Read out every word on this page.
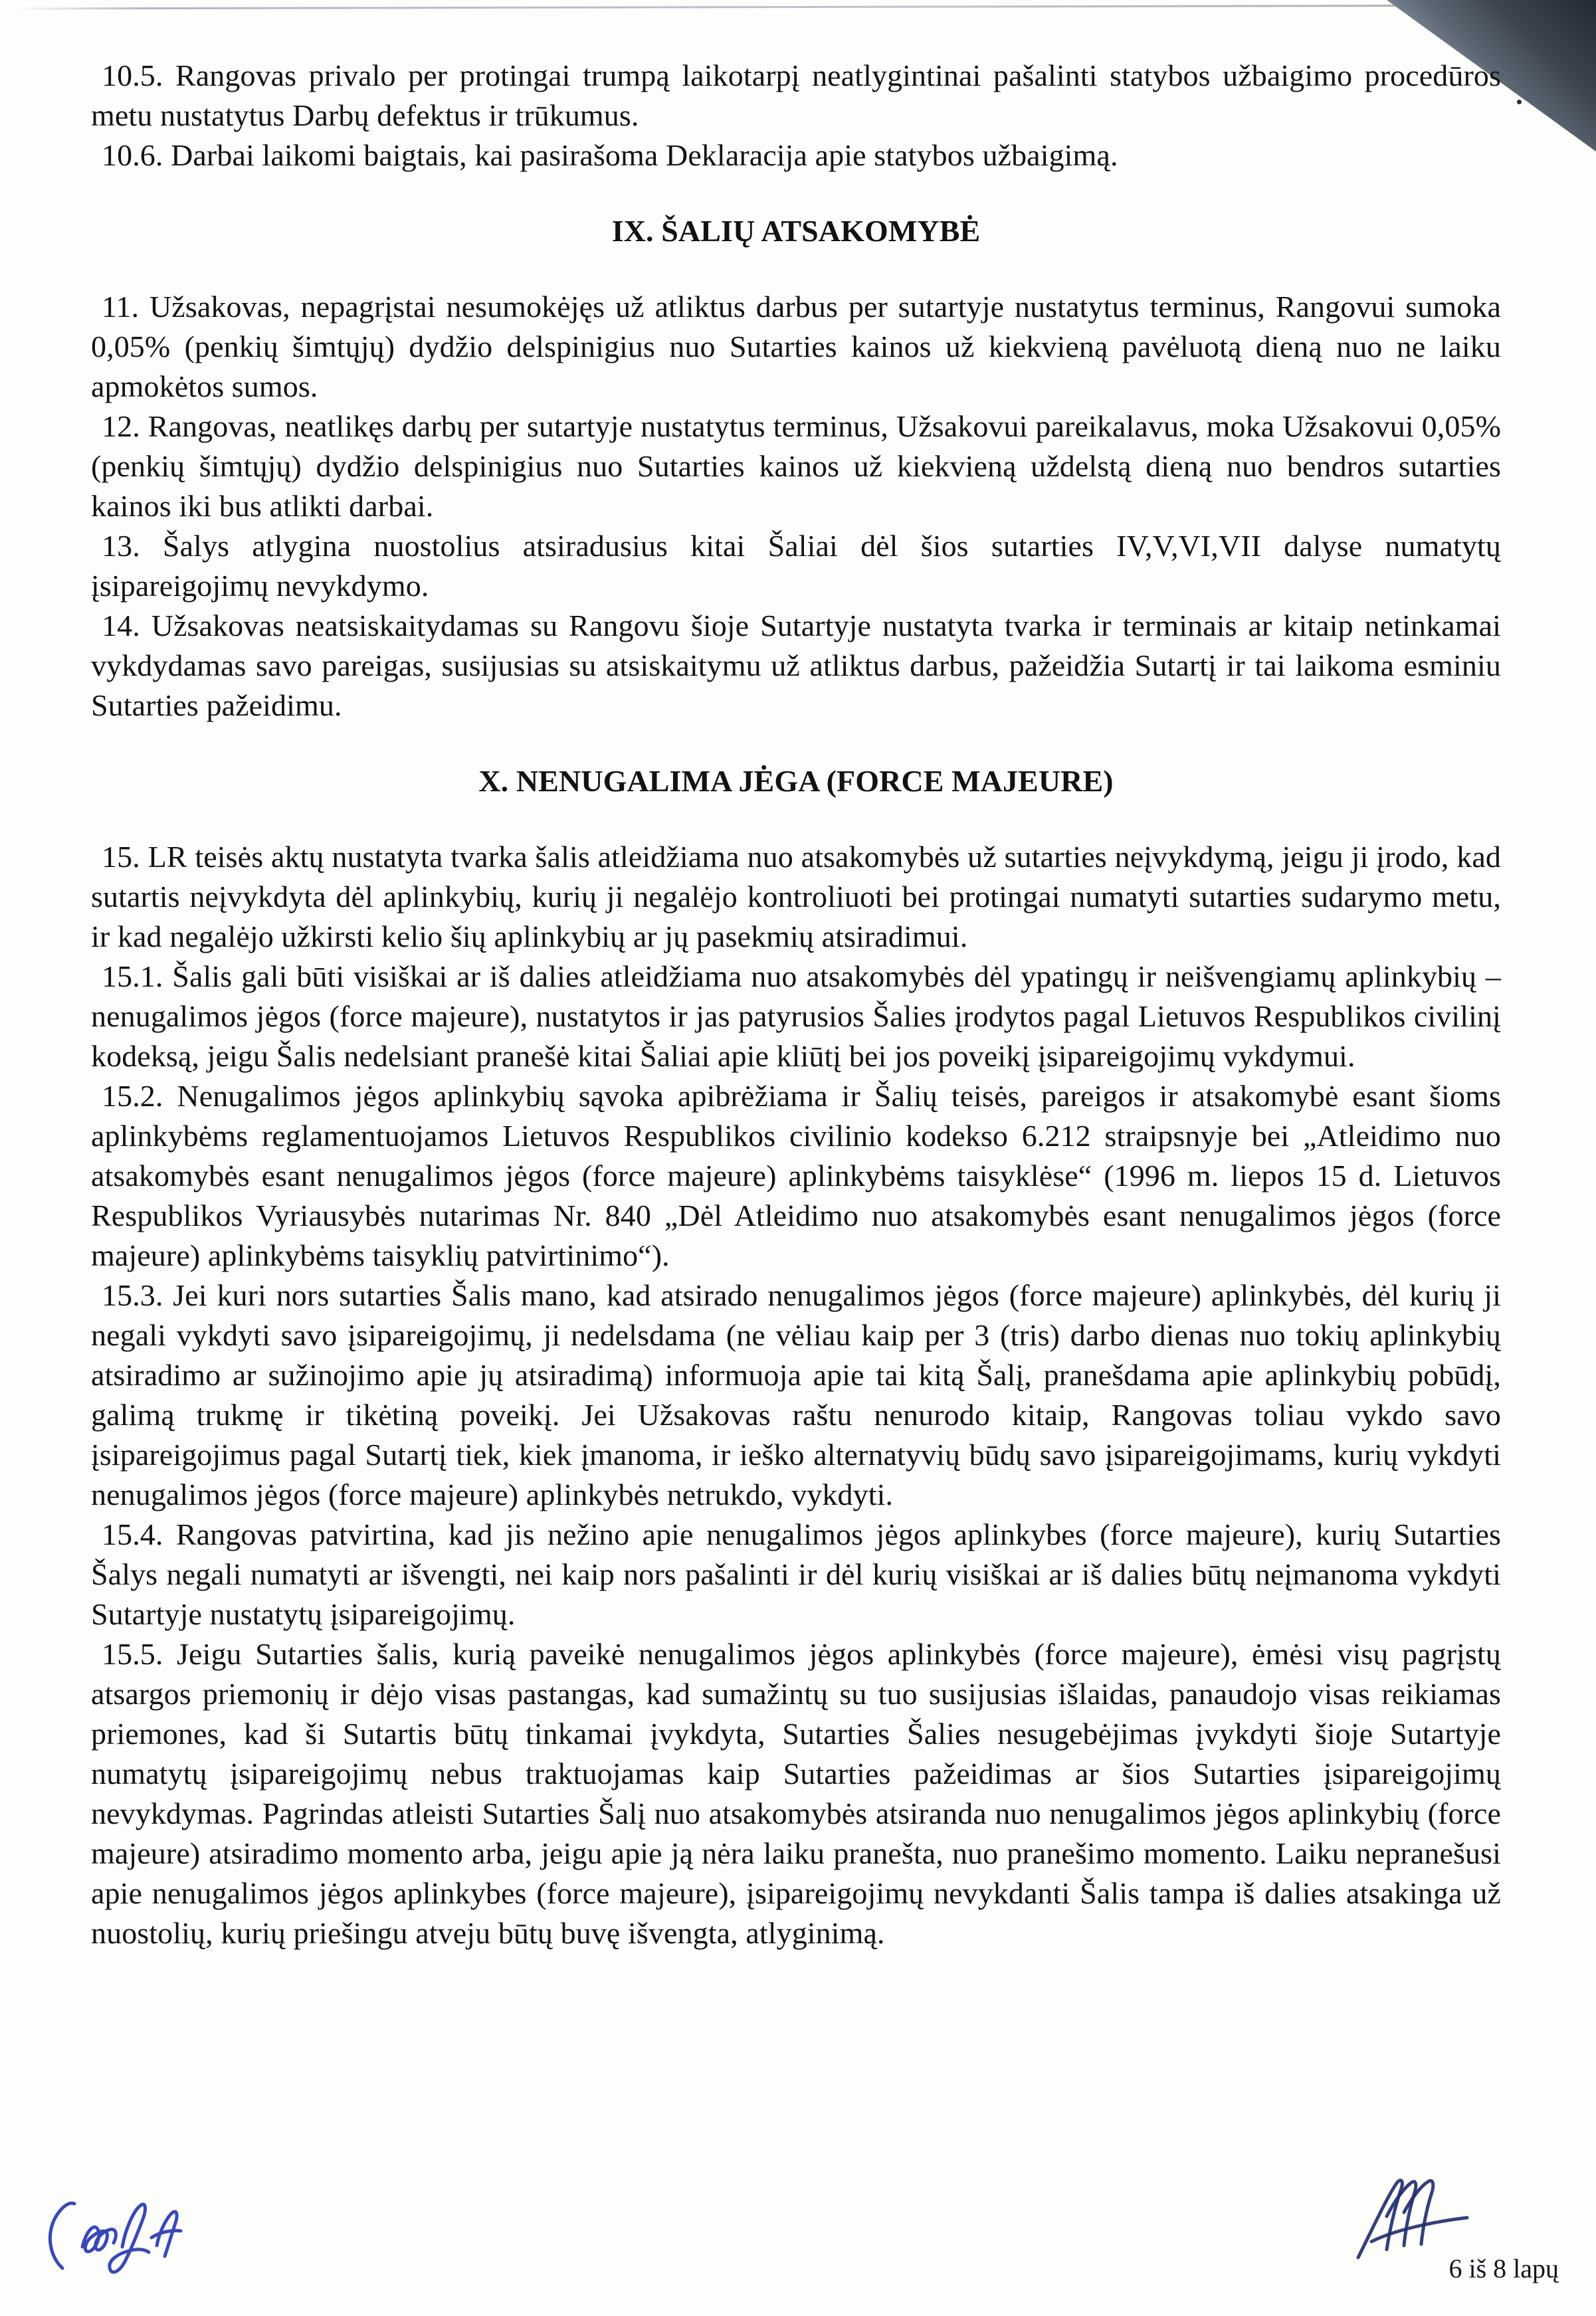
10.5. Rangovas privalo per protingai trumpą laikotarpį neatlygintinai pašalinti statybos užbaigimo procedūros metu nustatytus Darbų defektus ir trūkumus.

10.6. Darbai laikomi baigtais, kai pasirašoma Deklaracija apie statybos užbaigimą.

IX. ŠALIŲ ATSAKOMYBĖ

11. Užsakovas, nepagrįstai nesumokėjęs už atliktus darbus per sutartyje nustatytus terminus, Rangovui sumoka 0,05% (penkių šimtųjų) dydžio delspinigius nuo Sutarties kainos už kiekvieną pavėluotą dieną nuo ne laiku apmokėtos sumos.

12. Rangovas, neatlikęs darbų per sutartyje nustatytus terminus, Užsakovui pareikalavus, moka Užsakovui 0,05%(penkių šimtųjų) dydžio delspinigius nuo Sutarties kainos už kiekvieną uždelstą dieną nuo bendros sutarties kainos iki bus atlikti darbai.

13. Šalys atlygina nuostolius atsiradusius kitai Šaliai dėl šios sutarties IV,V,VI,VII dalyse numatytų įsipareigojimų nevykdymo.

14. Užsakovas neatsiskaitydamas su Rangovu šioje Sutartyje nustatyta tvarka ir terminais ar kitaip netinkamai vykdydamas savo pareigas, susijusias su atsiskaitymu už atliktus darbus, pažeidžia Sutartį ir tai laikoma esminiu Sutarties pažeidimu.

X. NENUGALIMA JĖGA (FORCE MAJEURE)

15. LR teisės aktų nustatyta tvarka šalis atleidžiama nuo atsakomybės už sutarties neįvykdymą, jeigu ji įrodo, kad sutartis neįvykdyta dėl aplinkybių, kurių ji negalėjo kontroliuoti bei protingai numatyti sutarties sudarymo metu, ir kad negalėjo užkirsti kelio šių aplinkybių ar jų pasekmių atsiradimui.

15.1. Šalis gali būti visiškai ar iš dalies atleidžiama nuo atsakomybės dėl ypatingų ir neišvengiamų aplinkybių – nenugalimos jėgos (force majeure), nustatytos ir jas patyrusios Šalies įrodytos pagal Lietuvos Respublikos civilinį kodeksą, jeigu Šalis nedelsiant pranešė kitai Šaliai apie kliūtį bei jos poveikį įsipareigojimų vykdymui.

15.2. Nenugalimos jėgos aplinkybių sąvoka apibrėžiama ir Šalių teisės, pareigos ir atsakomybė esant šioms aplinkybėms reglamentuojamos Lietuvos Respublikos civilinio kodekso 6.212 straipsnyje bei „Atleidimo nuo atsakomybės esant nenugalimos jėgos (force majeure) aplinkybėms taisyklėse“ (1996 m. liepos 15 d. Lietuvos Respublikos Vyriausybės nutarimas Nr. 840 „Dėl Atleidimo nuo atsakomybės esant nenugalimos jėgos (force majeure) aplinkybėms taisyklių patvirtinimo“).

15.3. Jei kuri nors sutarties Šalis mano, kad atsirado nenugalimos jėgos (force majeure) aplinkybės, dėl kurių ji negali vykdyti savo įsipareigojimų, ji nedelsdama (ne vėliau kaip per 3 (tris) darbo dienas nuo tokių aplinkybių atsiradimo ar sužinojimo apie jų atsiradimą) informuoja apie tai kitą Šalį, pranešdama apie aplinkybių pobūdį, galimą trukmę ir tikėtiną poveikį. Jei Užsakovas raštu nenurodo kitaip, Rangovas toliau vykdo savo įsipareigojimus pagal Sutartį tiek, kiek įmanoma, ir ieško alternatyvių būdų savo įsipareigojimams, kurių vykdyti nenugalimos jėgos (force majeure) aplinkybės netrukdo, vykdyti.

15.4. Rangovas patvirtina, kad jis nežino apie nenugalimos jėgos aplinkybes (force majeure), kurių Sutarties Šalys negali numatyti ar išvengti, nei kaip nors pašalinti ir dėl kurių visiškai ar iš dalies būtų neįmanoma vykdyti Sutartyje nustatytų įsipareigojimų.

15.5. Jeigu Sutarties šalis, kurią paveikė nenugalimos jėgos aplinkybės (force majeure), ėmėsi visų pagrįstų atsargos priemonių ir dėjo visas pastangas, kad sumažintų su tuo susijusias išlaidas, panaudojo visas reikiamas priemones, kad ši Sutartis būtų tinkamai įvykdyta, Sutarties Šalies nesugebėjimas įvykdyti šioje Sutartyje numatytų įsipareigojimų nebus traktuojamas kaip Sutarties pažeidimas ar šios Sutarties įsipareigojimų nevykdymas. Pagrindas atleisti Sutarties Šalį nuo atsakomybės atsiranda nuo nenugalimos jėgos aplinkybių (force majeure) atsiradimo momento arba, jeigu apie ją nėra laiku pranešta, nuo pranešimo momento. Laiku nepranešusi apie nenugalimos jėgos aplinkybes (force majeure), įsipareigojimų nevykdanti Šalis tampa iš dalies atsakinga už nuostolių, kurių priešingu atveju būtų buvę išvengta, atlyginimą.

6 iš 8 lapų
